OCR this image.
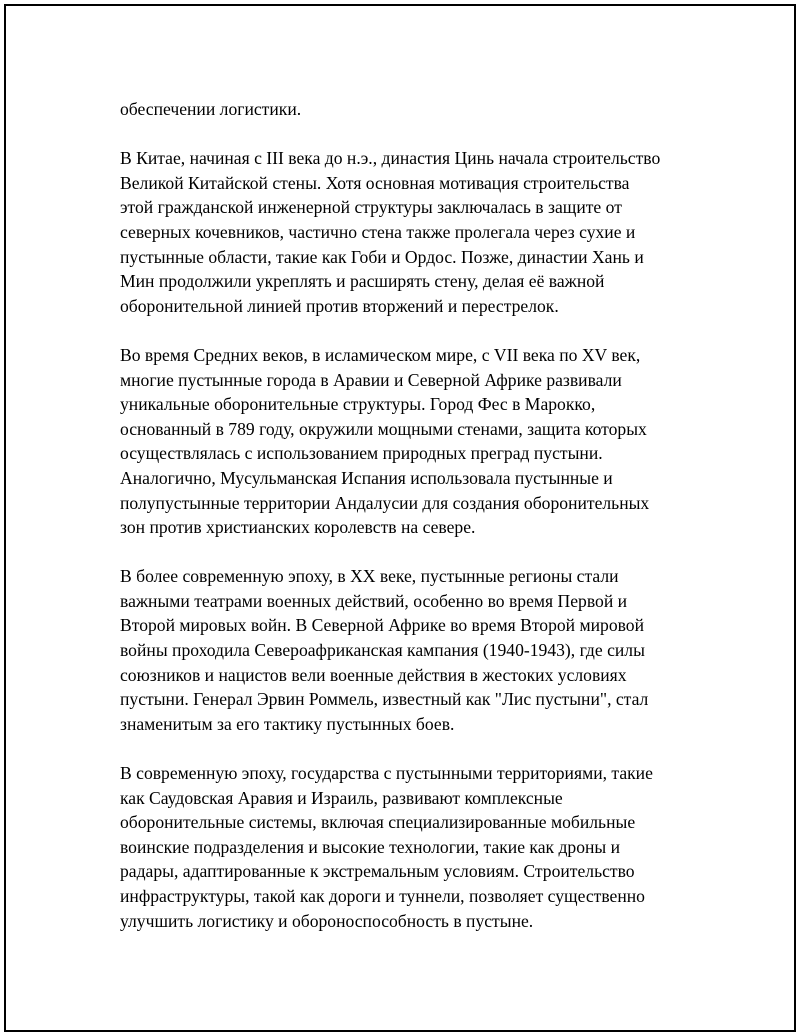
обеспечении логистики.

В Китае, начиная с III века до н.э., династия Цинь начала строительство
Великой Китайской стены. Хотя основная мотивация строительства
этой гражданской инженерной структуры заключалась в защите от
северных кочевников, частично стена также пролегала через сухие и
пустынные области, такие как Гоби и Ордос. Позже, династии Хань и
Мин продолжили укреплять и расширять стену, делая её важной
оборонительной линией против вторжений и перестрелок.

Во время Средних веков, в исламическом мире, с VII века по XV век,
многие пустынные города в Аравии и Северной Африке развивали
уникальные оборонительные структуры. Город Фес в Марокко,
основанный в 789 году, окружили мощными стенами, защита которых
осуществлялась с использованием природных преград пустыни.
Аналогично, Мусульманская Испания использовала пустынные и
полупустынные территории Андалусии для создания оборонительных
зон против христианских королевств на севере.

В более современную эпоху, в XX веке, пустынные регионы стали
важными театрами военных действий, особенно во время Первой и
Второй мировых войн. В Северной Африке во время Второй мировой
войны проходила Североафриканская кампания (1940-1943), где силы
союзников и нацистов вели военные действия в жестоких условиях
пустыни. Генерал Эрвин Роммель, известный как "Лис пустыни", стал
знаменитым за его тактику пустынных боев.

В современную эпоху, государства с пустынными территориями, такие
как Саудовская Аравия и Израиль, развивают комплексные
оборонительные системы, включая специализированные мобильные
воинские подразделения и высокие технологии, такие как дроны и
радары, адаптированные к экстремальным условиям. Строительство
инфраструктуры, такой как дороги и туннели, позволяет существенно
улучшить логистику и обороноспособность в пустыне.
